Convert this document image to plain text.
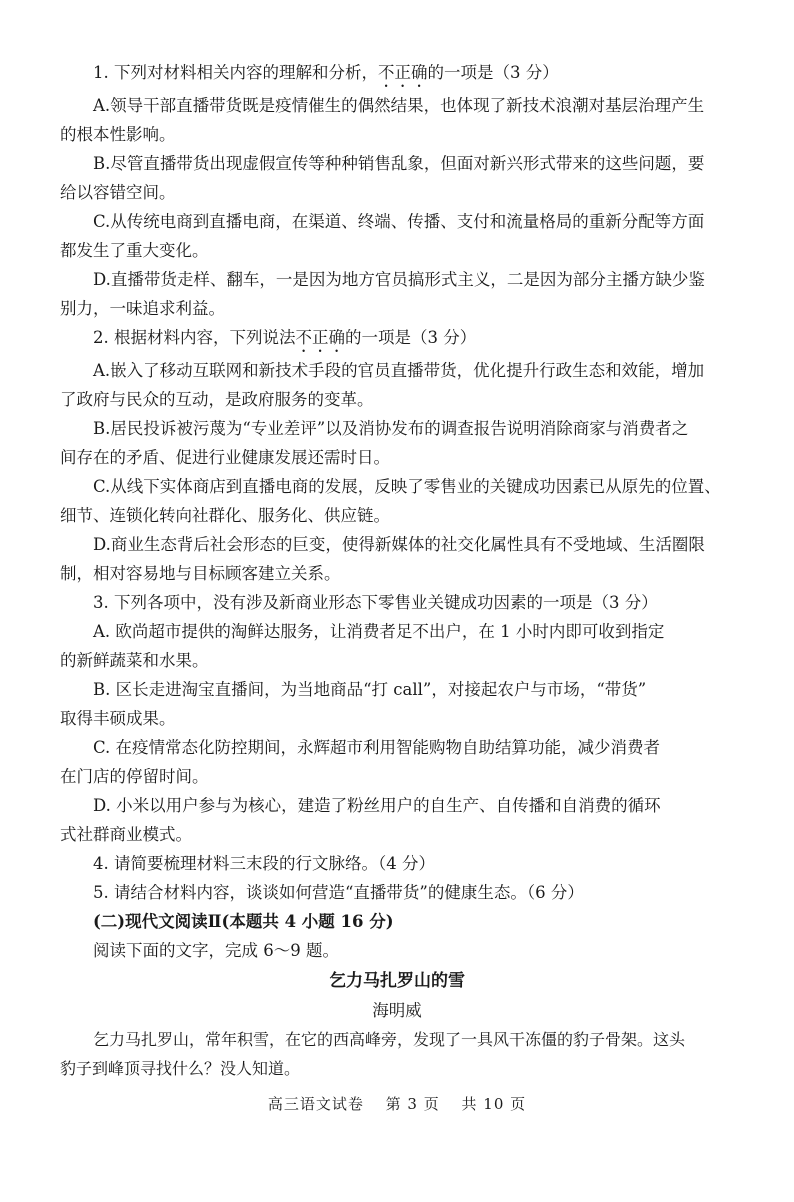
1. 下列对材料相关内容的理解和分析，不正确的一项是（3 分）

A.领导干部直播带货既是疫情催生的偶然结果，也体现了新技术浪潮对基层治理产生

的根本性影响。

B.尽管直播带货出现虚假宣传等种种销售乱象，但面对新兴形式带来的这些问题，要

给以容错空间。

C.从传统电商到直播电商，在渠道、终端、传播、支付和流量格局的重新分配等方面

都发生了重大变化。

D.直播带货走样、翻车，一是因为地方官员搞形式主义，二是因为部分主播方缺少鉴

别力，一味追求利益。

2. 根据材料内容，下列说法不正确的一项是（3 分）

A.嵌入了移动互联网和新技术手段的官员直播带货，优化提升行政生态和效能，增加

了政府与民众的互动，是政府服务的变革。

B.居民投诉被污蔑为“专业差评”以及消协发布的调查报告说明消除商家与消费者之

间存在的矛盾、促进行业健康发展还需时日。

C.从线下实体商店到直播电商的发展，反映了零售业的关键成功因素已从原先的位置、

细节、连锁化转向社群化、服务化、供应链。

D.商业生态背后社会形态的巨变，使得新媒体的社交化属性具有不受地域、生活圈限

制，相对容易地与目标顾客建立关系。

3. 下列各项中，没有涉及新商业形态下零售业关键成功因素的一项是（3 分）

A. 欧尚超市提供的淘鲜达服务，让消费者足不出户，在 1 小时内即可收到指定

的新鲜蔬菜和水果。

B. 区长走进淘宝直播间，为当地商品“打 call”，对接起农户与市场，“带货”

取得丰硕成果。

C. 在疫情常态化防控期间，永辉超市利用智能购物自助结算功能，减少消费者

在门店的停留时间。

D. 小米以用户参与为核心，建造了粉丝用户的自生产、自传播和自消费的循环

式社群商业模式。

4. 请简要梳理材料三末段的行文脉络。（4 分）

5. 请结合材料内容，谈谈如何营造“直播带货”的健康生态。（6 分）

(二)现代文阅读Ⅱ(本题共 4 小题 16 分)

阅读下面的文字，完成 6～9 题。

乞力马扎罗山的雪

海明威

乞力马扎罗山，常年积雪，在它的西高峰旁，发现了一具风干冻僵的豹子骨架。这头

豹子到峰顶寻找什么？没人知道。

高三语文试卷 第 3 页 共 10 页
